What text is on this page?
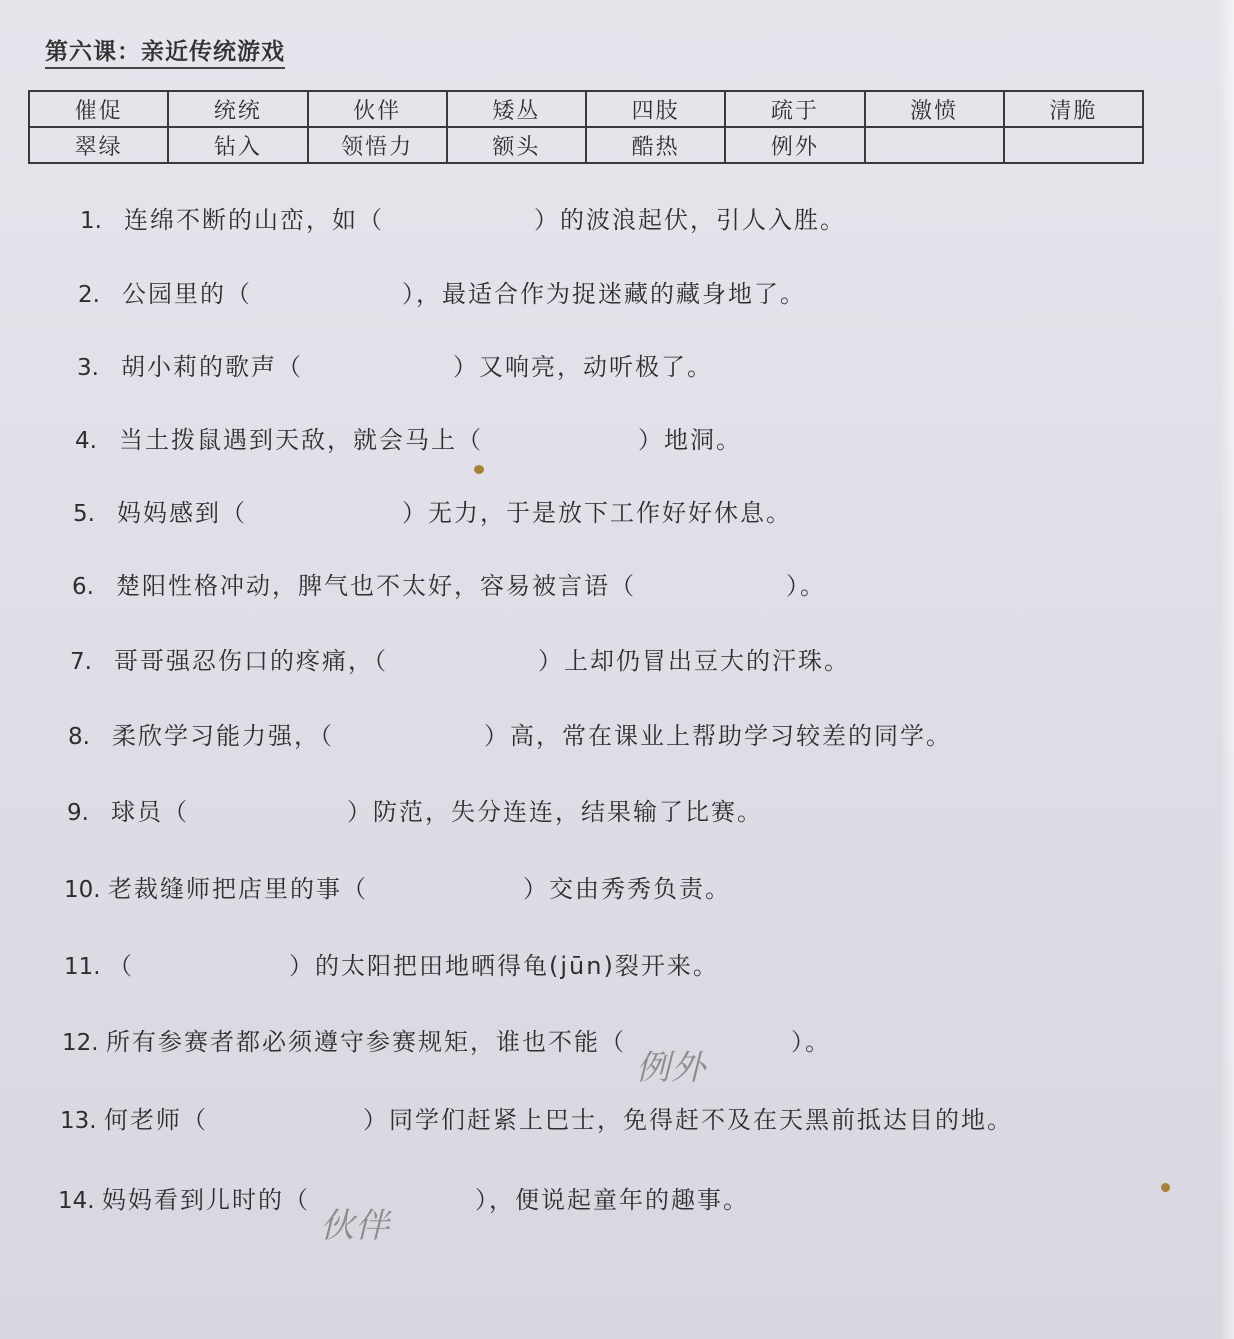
第六课：亲近传统游戏
催促	统统	伙伴	矮丛	四肢	疏于	激愤	清脆
翠绿	钻入	领悟力	额头	酷热	例外		
1. 连绵不断的山峦，如（	）的波浪起伏，引人入胜。
2. 公园里的（	），最适合作为捉迷藏的藏身地了。
3. 胡小莉的歌声（	）又响亮，动听极了。
4. 当土拨鼠遇到天敌，就会马上（	）地洞。
5. 妈妈感到（	）无力，于是放下工作好好休息。
6. 楚阳性格冲动，脾气也不太好，容易被言语（	）。
7. 哥哥强忍伤口的疼痛，（	）上却仍冒出豆大的汗珠。
8. 柔欣学习能力强，（	）高，常在课业上帮助学习较差的同学。
9. 球员（	）防范，失分连连，结果输了比赛。
10. 老裁缝师把店里的事（	）交由秀秀负责。
11. （	）的太阳把田地晒得龟(jūn)裂开来。
12. 所有参赛者都必须遵守参赛规矩，谁也不能（
例外
）。
13. 何老师（	）同学们赶紧上巴士，免得赶不及在天黑前抵达目的地。
14. 妈妈看到儿时的（
伙伴
），便说起童年的趣事。
